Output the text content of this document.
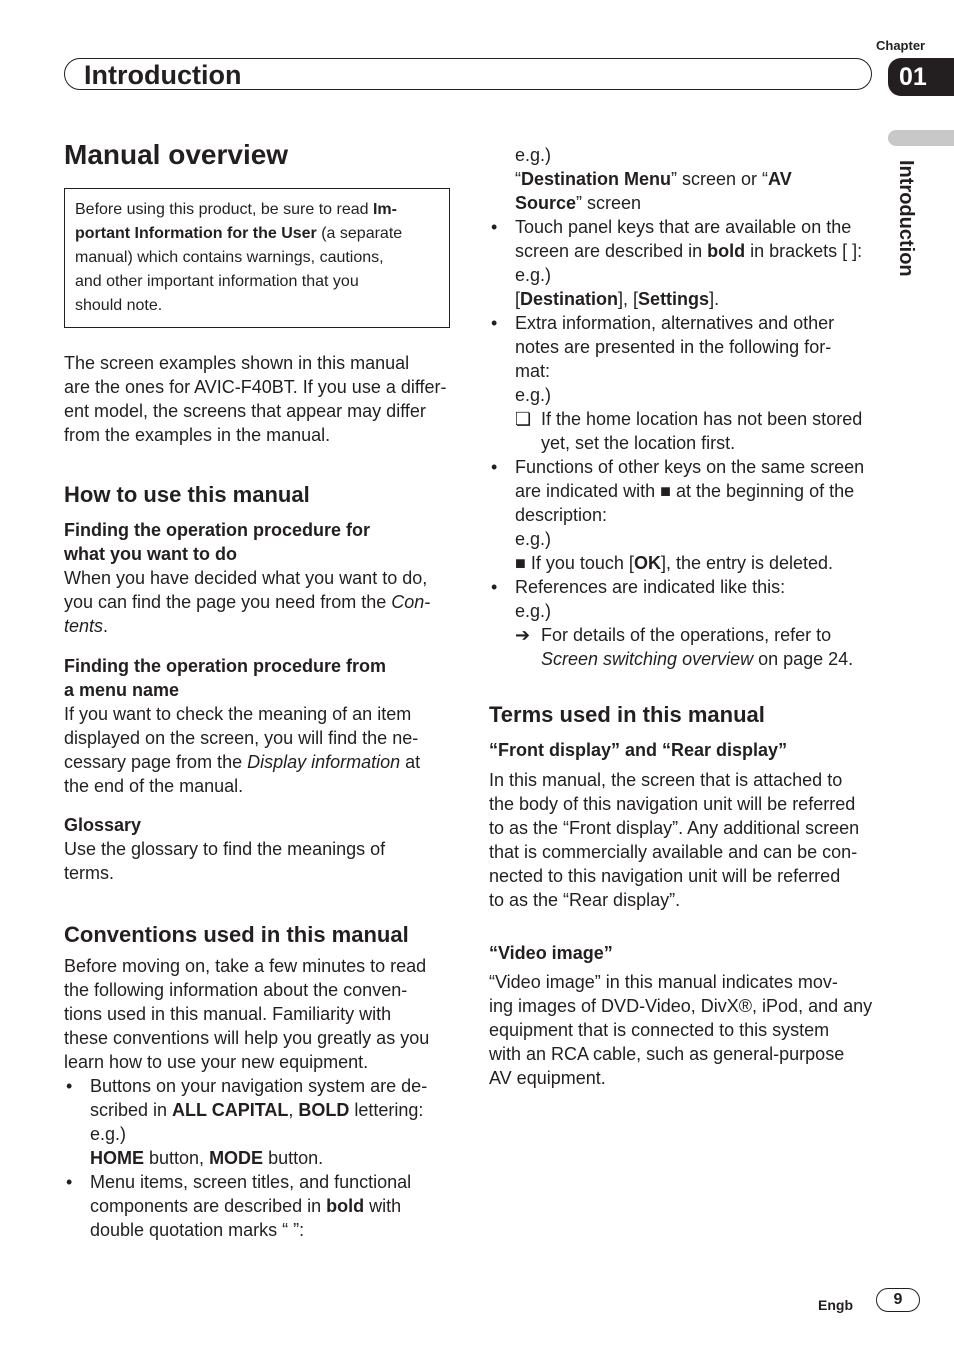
Chapter
Introduction	01
Introduction
Manual overview
Before using this product, be sure to read Im-
portant Information for the User (a separate
manual) which contains warnings, cautions,
and other important information that you
should note.

The screen examples shown in this manual

are the ones for AVIC-F40BT. If you use a differ-

ent model, the screens that appear may differ

from the examples in the manual.

How to use this manual
Finding the operation procedure for
what you want to do

When you have decided what you want to do,

you can find the page you need from the Con-

tents.

Finding the operation procedure from
a menu name

If you want to check the meaning of an item

displayed on the screen, you will find the ne-

cessary page from the Display information at

the end of the manual.

Glossary

Use the glossary to find the meanings of

terms.

Conventions used in this manual

Before moving on, take a few minutes to read

the following information about the conven-

tions used in this manual. Familiarity with

these conventions will help you greatly as you

learn how to use your new equipment.

• Buttons on your navigation system are de-

scribed in ALL CAPITAL, BOLD lettering:

e.g.)

HOME button, MODE button.

• Menu items, screen titles, and functional

components are described in bold with

double quotation marks “ ”:

e.g.)

“Destination Menu” screen or “AV

Source” screen

• Touch panel keys that are available on the

screen are described in bold in brackets [ ]:

e.g.)

[Destination], [Settings].

• Extra information, alternatives and other

notes are presented in the following for-

mat:

e.g.)

❏ If the home location has not been stored

yet, set the location first.

• Functions of other keys on the same screen

are indicated with ■ at the beginning of the

description:

e.g.)

■ If you touch [OK], the entry is deleted.

• References are indicated like this:

e.g.)

➔ For details of the operations, refer to

Screen switching overview on page 24.

Terms used in this manual
“Front display” and “Rear display”

In this manual, the screen that is attached to

the body of this navigation unit will be referred

to as the “Front display”. Any additional screen

that is commercially available and can be con-

nected to this navigation unit will be referred

to as the “Rear display”.

“Video image”

“Video image” in this manual indicates mov-

ing images of DVD-Video, DivX®, iPod, and any

equipment that is connected to this system

with an RCA cable, such as general-purpose

AV equipment.

Engb	9
